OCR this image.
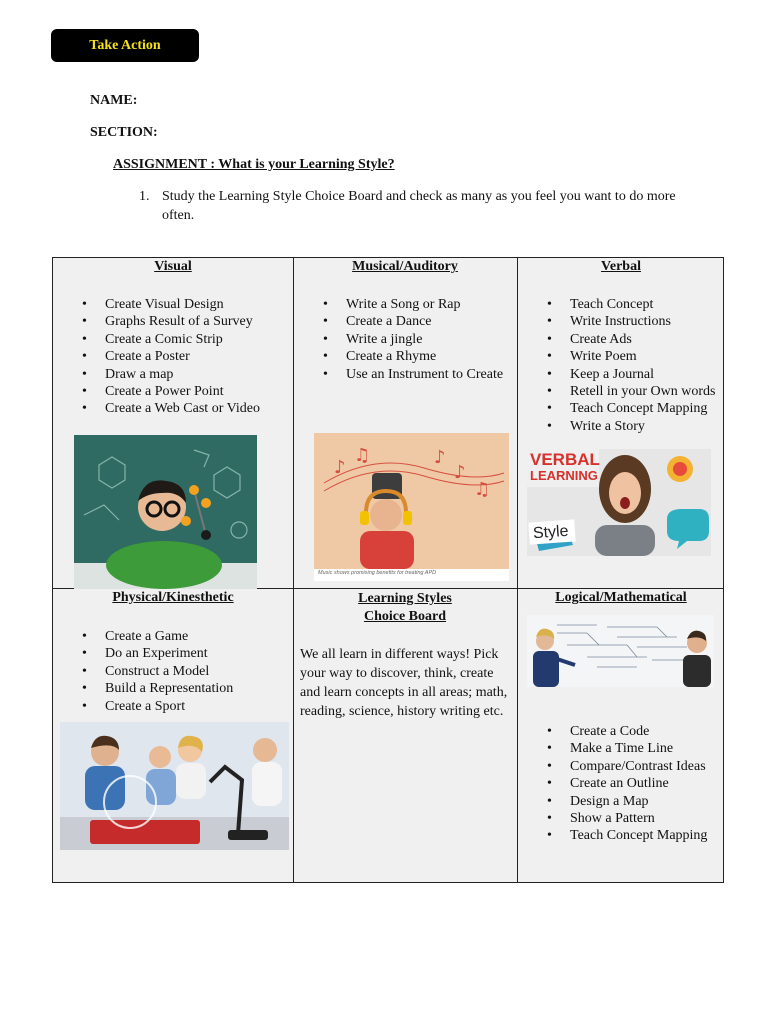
Take Action
NAME:
SECTION:
ASSIGNMENT : What is your Learning Style?
1. Study the Learning Style Choice Board and check as many as you feel you want to do more often.
Visual
• Create Visual Design
• Graphs Result of a Survey
• Create a Comic Strip
• Create a Poster
• Draw a map
• Create a Power Point
• Create a Web Cast or Video
Musical/Auditory
• Write a Song or Rap
• Create a Dance
• Write a jingle
• Create a Rhyme
• Use an Instrument to Create
♪
♫
♪
♫
♪
Music shows promising benefits for treating APD
Verbal
• Teach Concept
• Write Instructions
• Create Ads
• Write Poem
• Keep a Journal
• Retell in your Own words
• Teach Concept Mapping
• Write a Story
VERBAL
LEARNING
Style
Physical/Kinesthetic
• Create a Game
• Do an Experiment
• Construct a Model
• Build a Representation
• Create a Sport
Learning Styles
Choice Board
We all learn in different ways! Pick your way to discover, think, create and learn concepts in all areas; math, reading, science, history writing etc.
Logical/Mathematical
• Create a Code
• Make a Time Line
• Compare/Contrast Ideas
• Create an Outline
• Design a Map
• Show a Pattern
• Teach Concept Mapping
